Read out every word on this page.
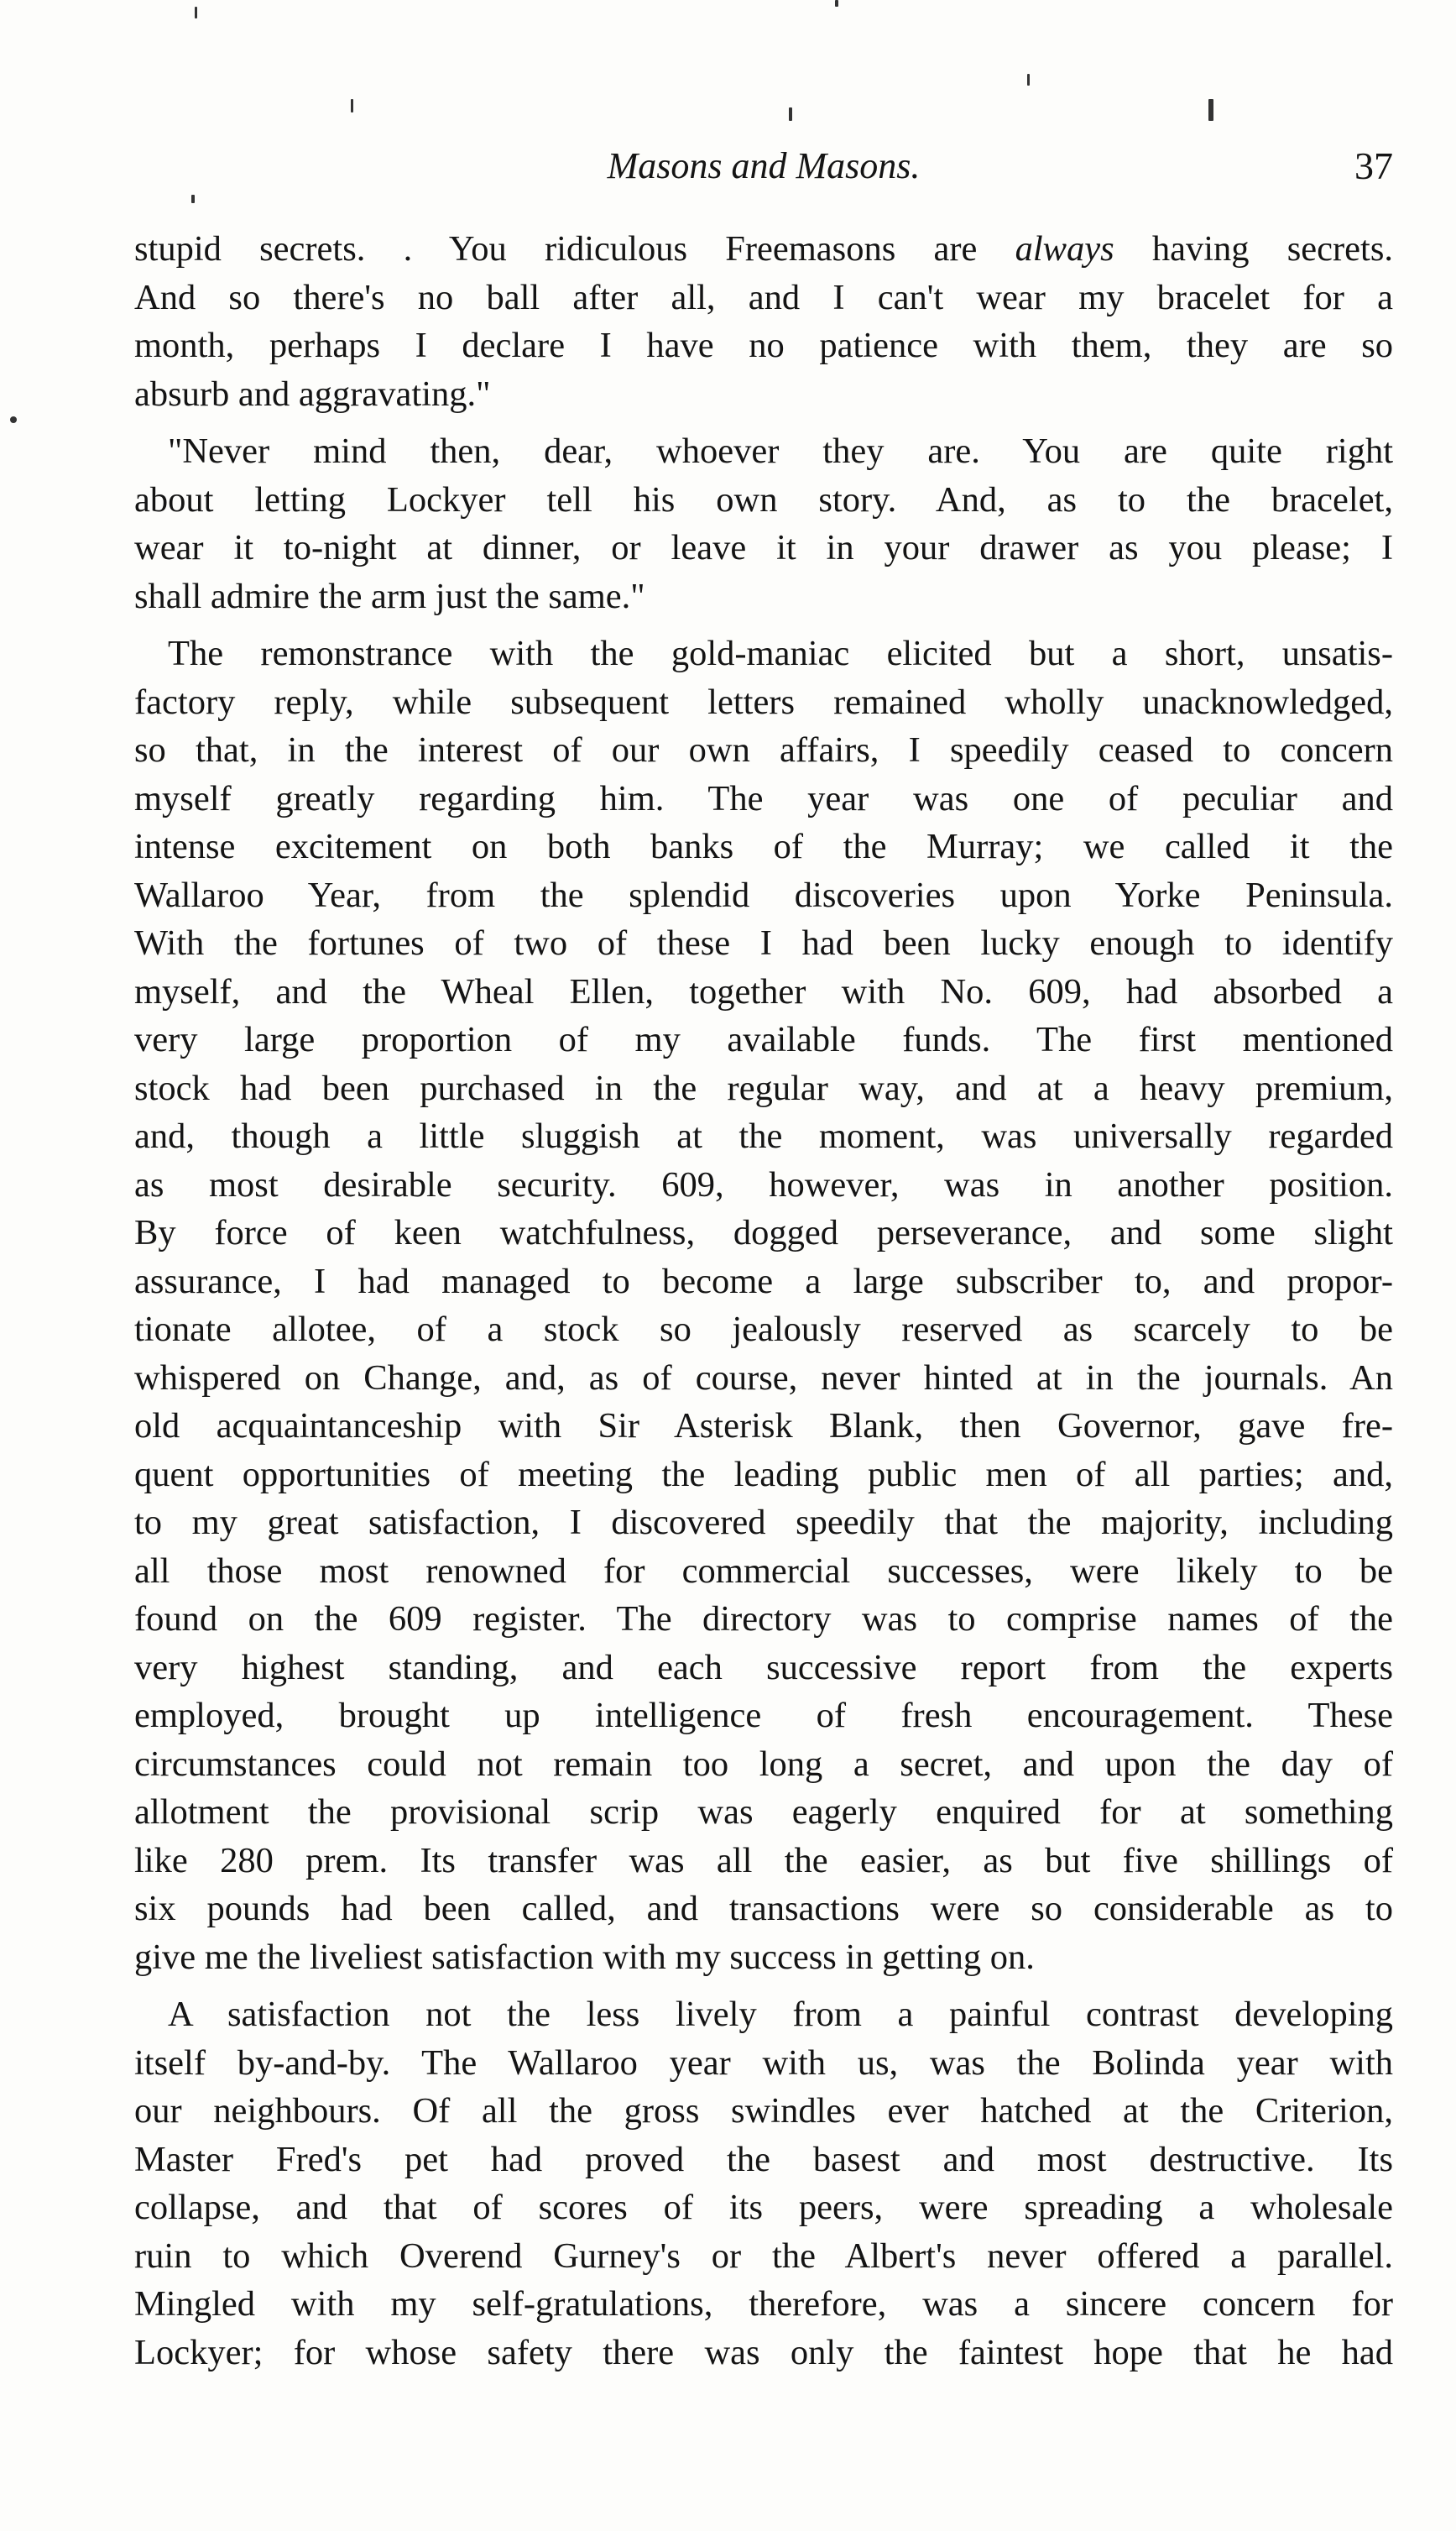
Masons and Masons.	37
stupid secrets. . You ridiculous Freemasons are always having secrets.
And so there's no ball after all, and I can't wear my bracelet for a
month, perhaps I declare I have no patience with them, they are so
absurb and aggravating."
"Never mind then, dear, whoever they are. You are quite right
about letting Lockyer tell his own story. And, as to the bracelet,
wear it to-night at dinner, or leave it in your drawer as you please; I
shall admire the arm just the same."
The remonstrance with the gold-maniac elicited but a short, unsatis-
factory reply, while subsequent letters remained wholly unacknowledged,
so that, in the interest of our own affairs, I speedily ceased to concern
myself greatly regarding him. The year was one of peculiar and
intense excitement on both banks of the Murray; we called it the
Wallaroo Year, from the splendid discoveries upon Yorke Peninsula.
With the fortunes of two of these I had been lucky enough to identify
myself, and the Wheal Ellen, together with No. 609, had absorbed a
very large proportion of my available funds. The first mentioned
stock had been purchased in the regular way, and at a heavy premium,
and, though a little sluggish at the moment, was universally regarded
as most desirable security. 609, however, was in another position.
By force of keen watchfulness, dogged perseverance, and some slight
assurance, I had managed to become a large subscriber to, and propor-
tionate allotee, of a stock so jealously reserved as scarcely to be
whispered on Change, and, as of course, never hinted at in the journals. An
old acquaintanceship with Sir Asterisk Blank, then Governor, gave fre-
quent opportunities of meeting the leading public men of all parties; and,
to my great satisfaction, I discovered speedily that the majority, including
all those most renowned for commercial successes, were likely to be
found on the 609 register. The directory was to comprise names of the
very highest standing, and each successive report from the experts
employed, brought up intelligence of fresh encouragement. These
circumstances could not remain too long a secret, and upon the day of
allotment the provisional scrip was eagerly enquired for at something
like 280 prem. Its transfer was all the easier, as but five shillings of
six pounds had been called, and transactions were so considerable as to
give me the liveliest satisfaction with my success in getting on.
A satisfaction not the less lively from a painful contrast developing
itself by-and-by. The Wallaroo year with us, was the Bolinda year with
our neighbours. Of all the gross swindles ever hatched at the Criterion,
Master Fred's pet had proved the basest and most destructive. Its
collapse, and that of scores of its peers, were spreading a wholesale
ruin to which Overend Gurney's or the Albert's never offered a parallel.
Mingled with my self-gratulations, therefore, was a sincere concern for
Lockyer; for whose safety there was only the faintest hope that he had
